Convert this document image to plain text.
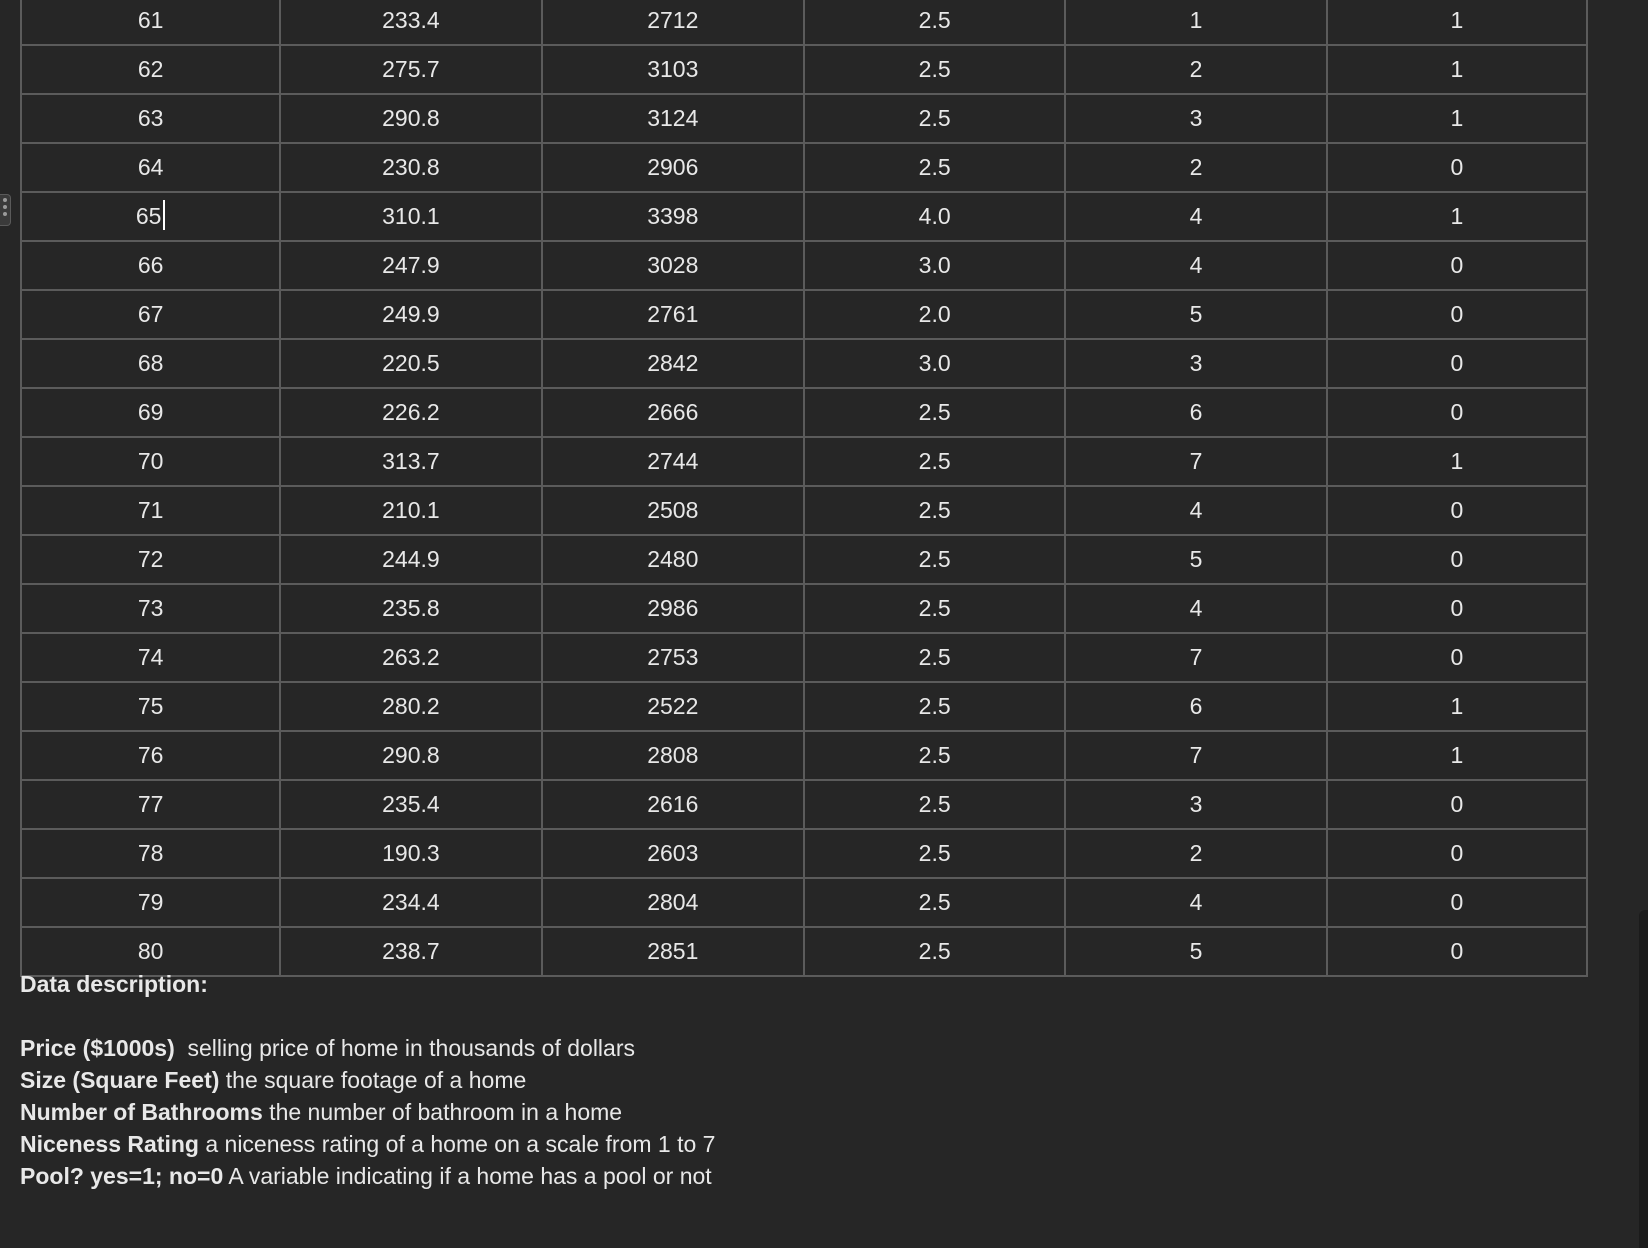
61	233.4	2712	2.5	1	1
62	275.7	3103	2.5	2	1
63	290.8	3124	2.5	3	1
64	230.8	2906	2.5	2	0
65	310.1	3398	4.0	4	1
66	247.9	3028	3.0	4	0
67	249.9	2761	2.0	5	0
68	220.5	2842	3.0	3	0
69	226.2	2666	2.5	6	0
70	313.7	2744	2.5	7	1
71	210.1	2508	2.5	4	0
72	244.9	2480	2.5	5	0
73	235.8	2986	2.5	4	0
74	263.2	2753	2.5	7	0
75	280.2	2522	2.5	6	1
76	290.8	2808	2.5	7	1
77	235.4	2616	2.5	3	0
78	190.3	2603	2.5	2	0
79	234.4	2804	2.5	4	0
80	238.7	2851	2.5	5	0
Data description:
Price ($1000s)  selling price of home in thousands of dollars
Size (Square Feet) the square footage of a home
Number of Bathrooms the number of bathroom in a home
Niceness Rating a niceness rating of a home on a scale from 1 to 7
Pool? yes=1; no=0 A variable indicating if a home has a pool or not
